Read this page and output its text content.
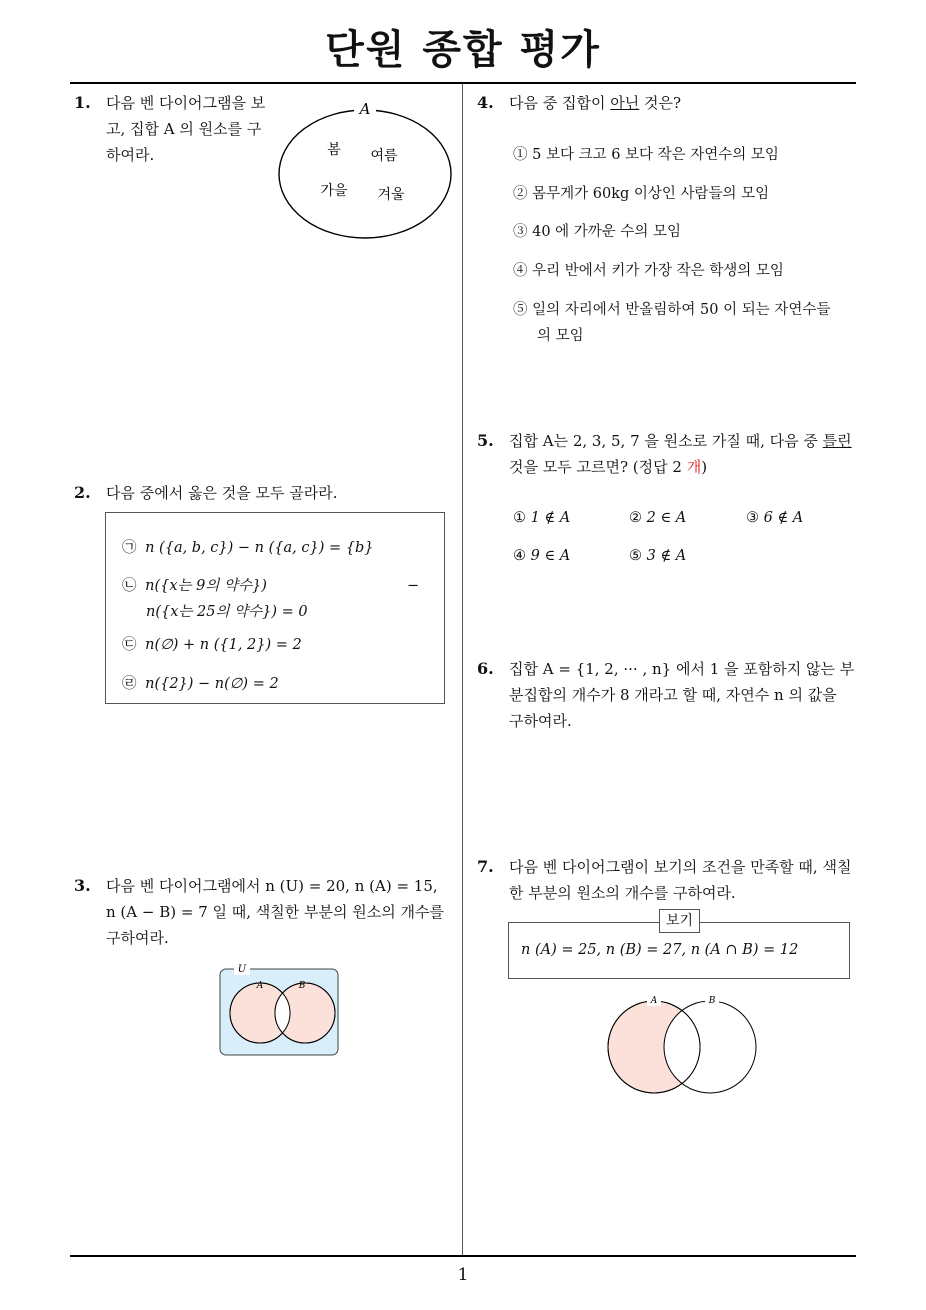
단원 종합 평가
1
1. 다음 벤 다이어그램을 보고, 집합 A 의 원소를 구하여라.
A
봄 여름
가을 겨울
2. 다음 중에서 옳은 것을 모두 골라라.
㉠ n ({a, b, c}) − n ({a, c}) = {b}
㉡ n({x는 9의 약수})	−
n({x는 25의 약수}) = 0
㉢ n(∅) + n ({1, 2}) = 2
㉣ n({2}) − n(∅) = 2
3. 다음 벤 다이어그램에서 n (U) = 20, n (A) = 15,
n (A − B) = 7 일 때, 색칠한 부분의 원소의 개수를
구하여라.
U
A	B
4. 다음 중 집합이 아닌 것은?
① 5 보다 크고 6 보다 작은 자연수의 모임
② 몸무게가 60kg 이상인 사람들의 모임
③ 40 에 가까운 수의 모임
④ 우리 반에서 키가 가장 작은 학생의 모임
⑤ 일의 자리에서 반올림하여 50 이 되는 자연수들
의 모임
5. 집합 A는 2, 3, 5, 7 을 원소로 가질 때, 다음 중 틀린
것을 모두 고르면? (정답 2 개)
① 1 ∉ A	② 2 ∈ A	③ 6 ∉ A
④ 9 ∈ A	⑤ 3 ∉ A
6. 집합 A = {1, 2, ··· , n} 에서 1 을 포함하지 않는 부
분집합의 개수가 8 개라고 할 때, 자연수 n 의 값을
구하여라.
7. 다음 벤 다이어그램이 보기의 조건을 만족할 때, 색칠
한 부분의 원소의 개수를 구하여라.
n (A) = 25, n (B) = 27, n (A ∩ B) = 12
보기
A	B
